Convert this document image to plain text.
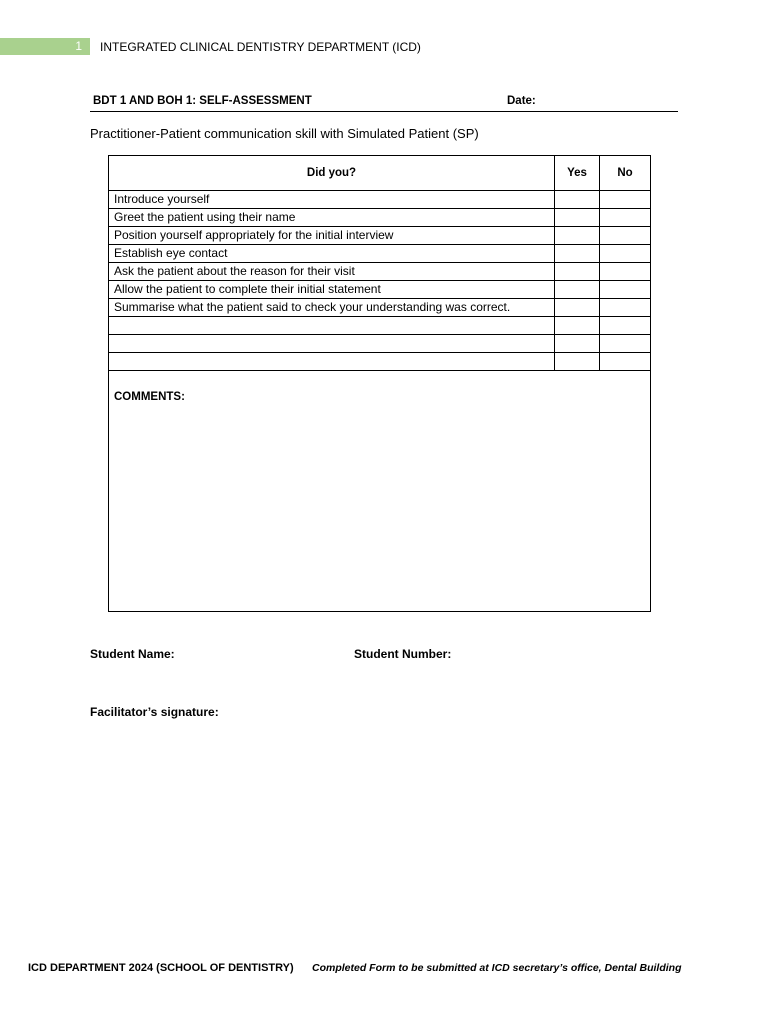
1 INTEGRATED CLINICAL DENTISTRY DEPARTMENT (ICD)
BDT 1 AND BOH 1: SELF-ASSESSMENT	Date:
Practitioner-Patient communication skill with Simulated Patient (SP)
Did you?	Yes	No
Introduce yourself		
Greet the patient using their name		
Position yourself appropriately for the initial interview		
Establish eye contact		
Ask the patient about the reason for their visit		
Allow the patient to complete their initial statement		
Summarise what the patient said to check your understanding was correct.		

COMMENTS:		
Student Name:	Student Number:
Facilitator’s signature:
ICD DEPARTMENT 2024 (SCHOOL OF DENTISTRY) Completed Form to be submitted at ICD secretary’s office, Dental Building
